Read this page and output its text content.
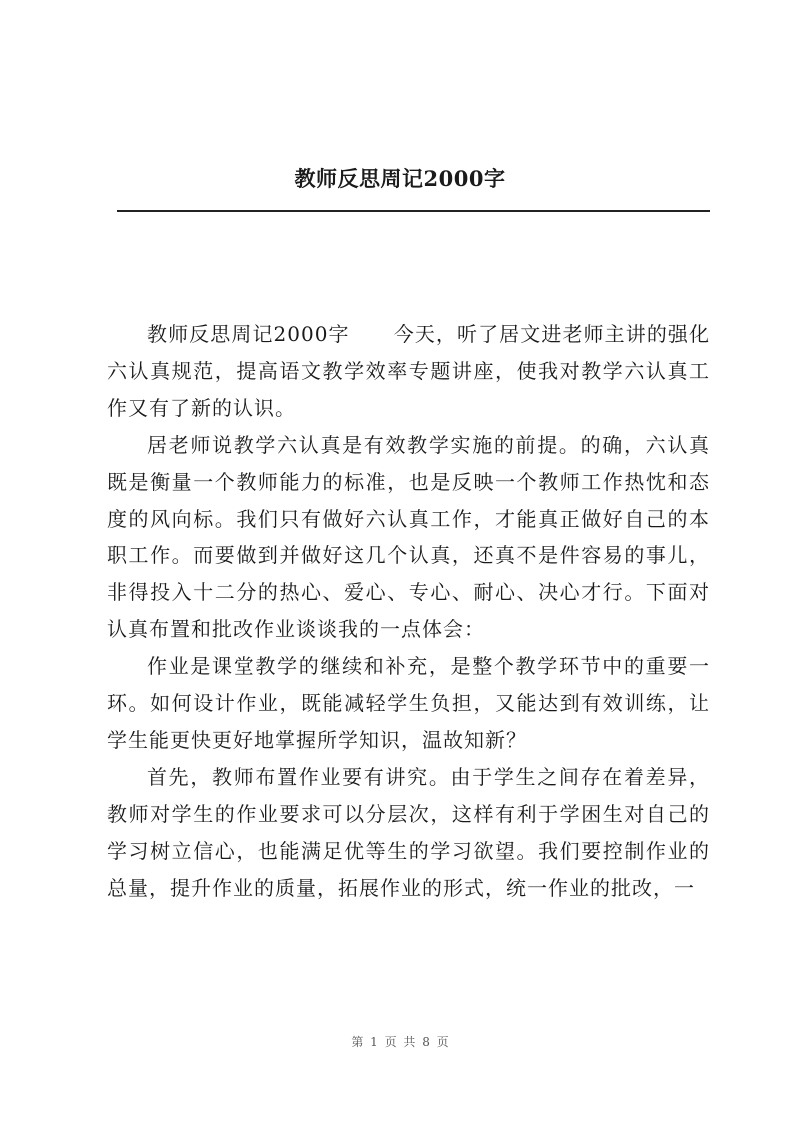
教师反思周记2000字

教师反思周记2000字 今天，听了居文进老师主讲的强化六认真规范，提高语文教学效率专题讲座，使我对教学六认真工作又有了新的认识。

居老师说教学六认真是有效教学实施的前提。的确，六认真既是衡量一个教师能力的标准，也是反映一个教师工作热忱和态度的风向标。我们只有做好六认真工作，才能真正做好自己的本职工作。而要做到并做好这几个认真，还真不是件容易的事儿，非得投入十二分的热心、爱心、专心、耐心、决心才行。下面对认真布置和批改作业谈谈我的一点体会：

作业是课堂教学的继续和补充，是整个教学环节中的重要一环。如何设计作业，既能减轻学生负担，又能达到有效训练，让学生能更快更好地掌握所学知识，温故知新？

首先，教师布置作业要有讲究。由于学生之间存在着差异，教师对学生的作业要求可以分层次，这样有利于学困生对自己的学习树立信心，也能满足优等生的学习欲望。我们要控制作业的总量，提升作业的质量，拓展作业的形式，统一作业的批改，一

第 1 页 共 8 页
